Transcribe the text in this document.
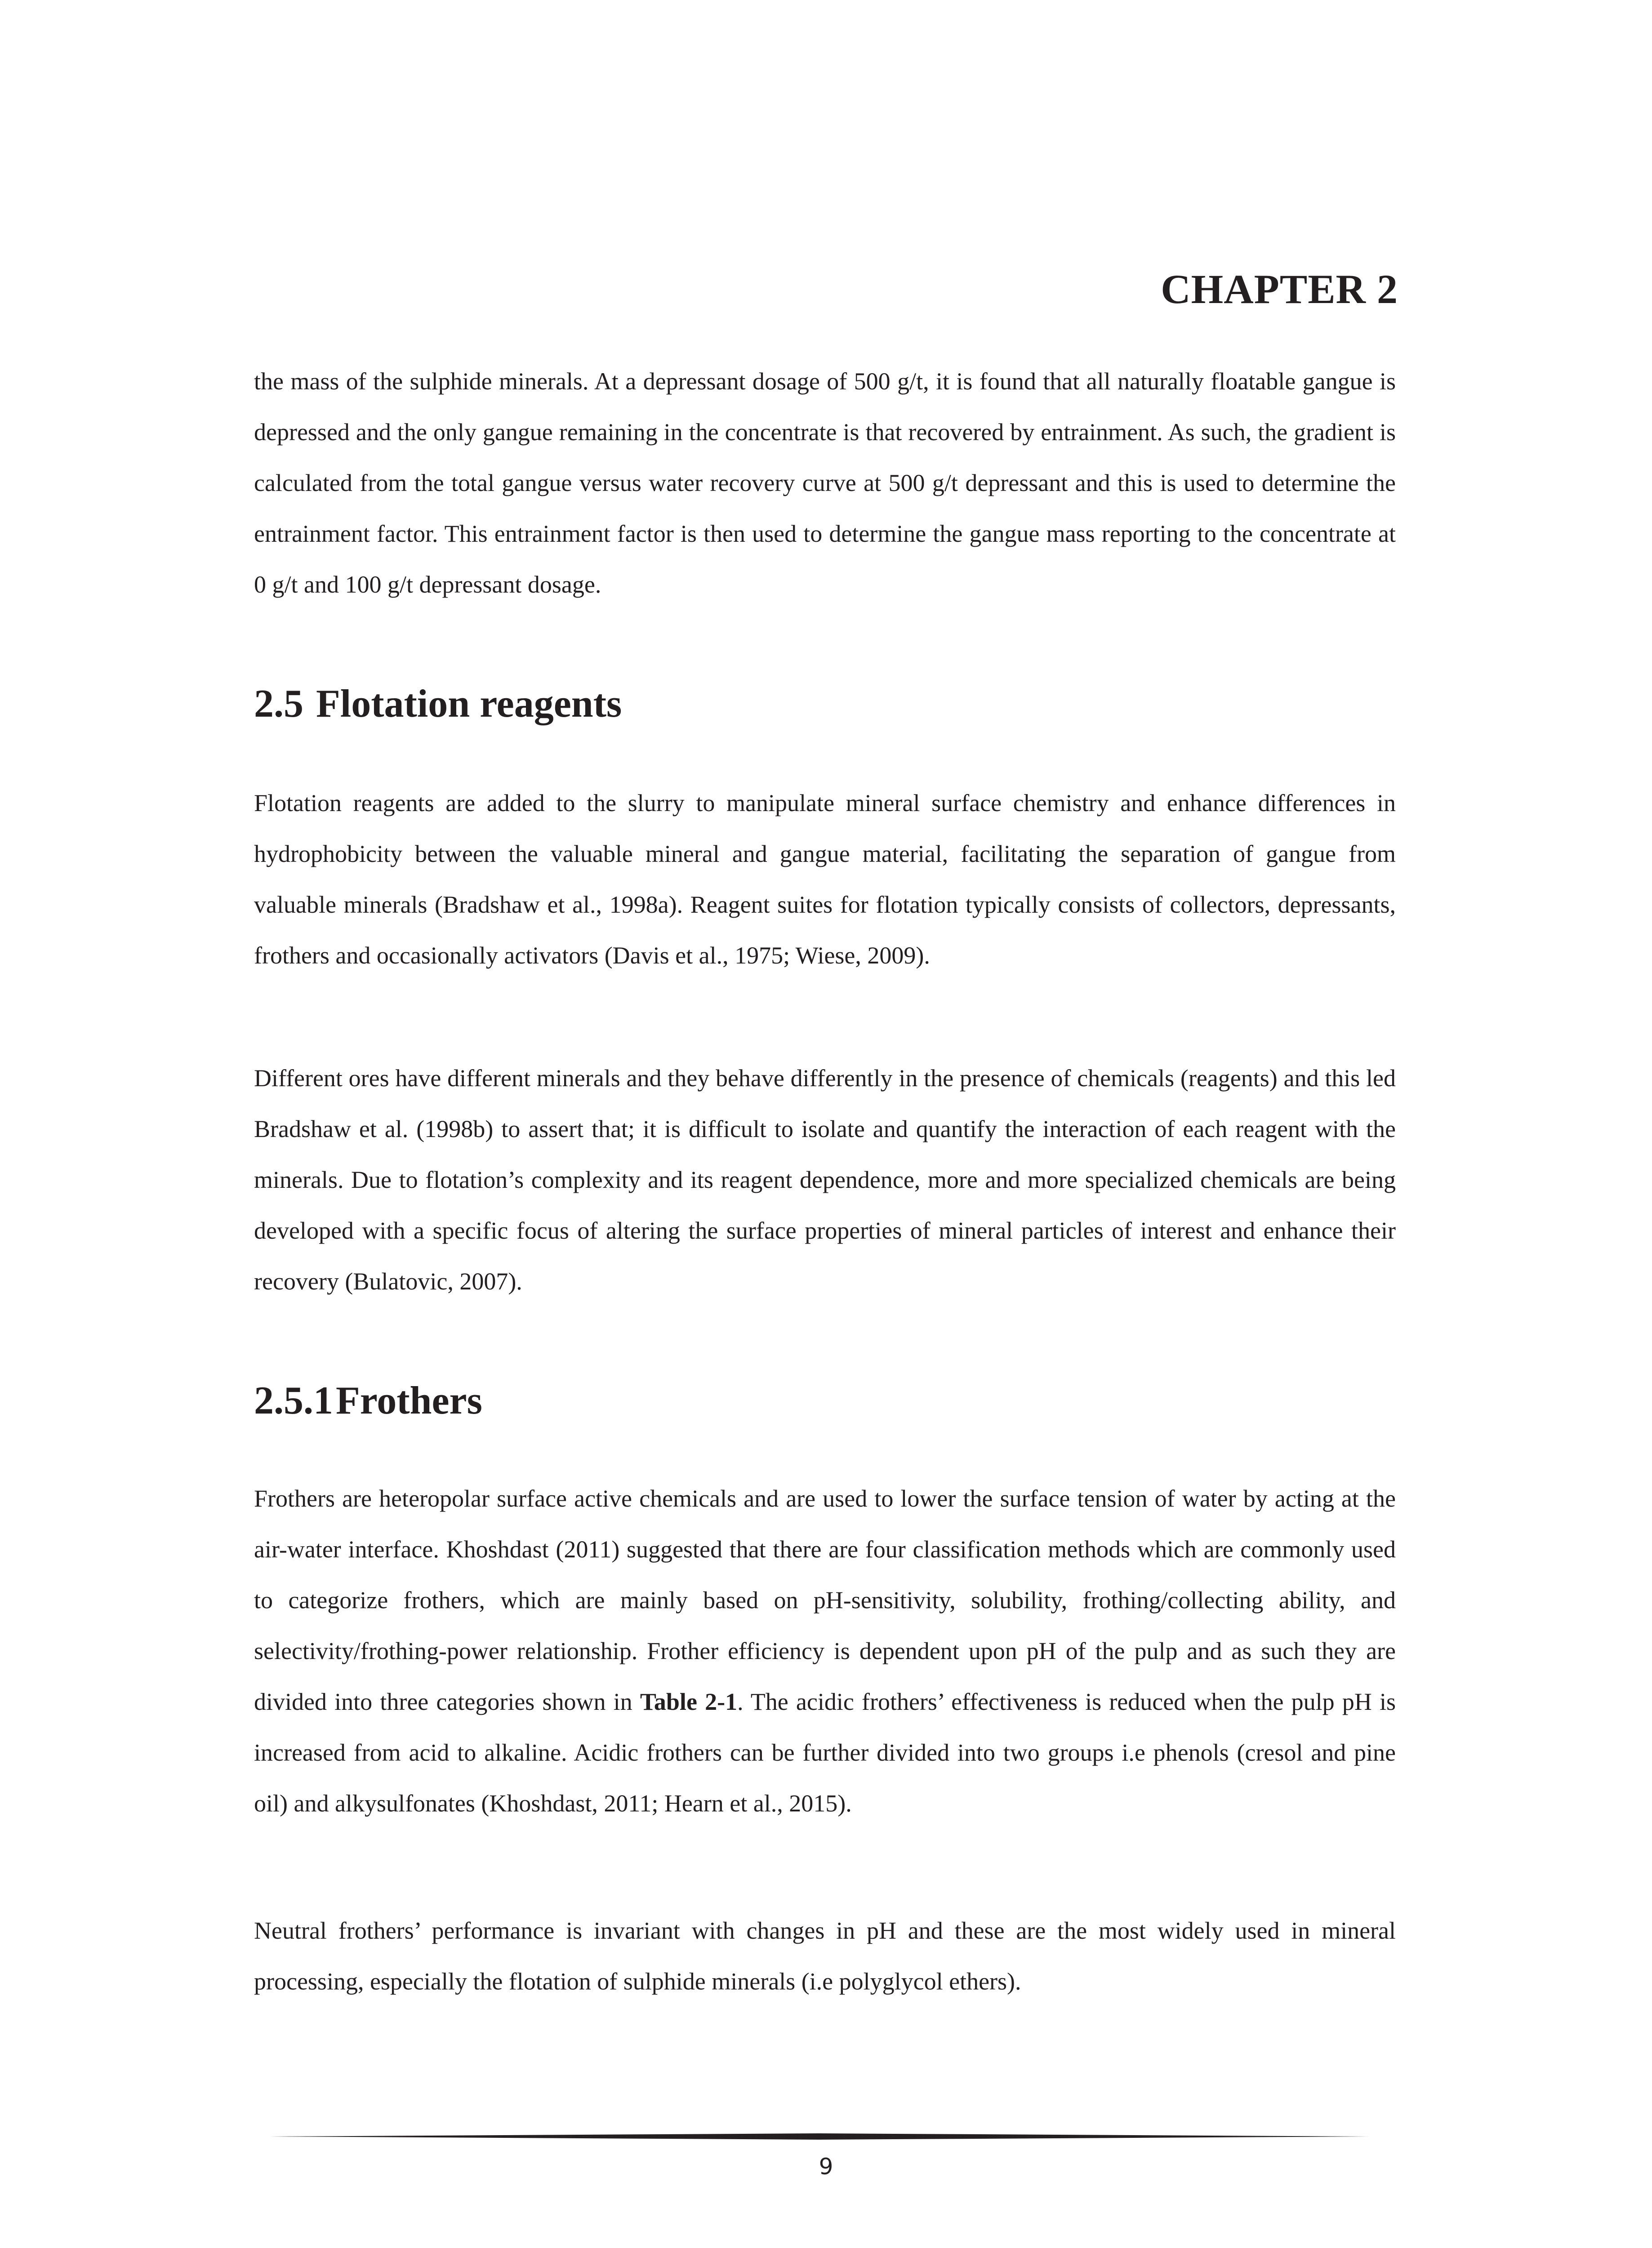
CHAPTER 2

the mass of the sulphide minerals. At a depressant dosage of 500 g/t, it is found that all naturally floatable gangue is depressed and the only gangue remaining in the concentrate is that recovered by entrainment. As such, the gradient is calculated from the total gangue versus water recovery curve at 500 g/t depressant and this is used to determine the entrainment factor. This entrainment factor is then used to determine the gangue mass reporting to the concentrate at 0 g/t and 100 g/t depressant dosage.

2.5 Flotation reagents

Flotation reagents are added to the slurry to manipulate mineral surface chemistry and enhance differences in hydrophobicity between the valuable mineral and gangue material, facilitating the separation of gangue from valuable minerals (Bradshaw et al., 1998a). Reagent suites for flotation typically consists of collectors, depressants, frothers and occasionally activators (Davis et al., 1975; Wiese, 2009).

Different ores have different minerals and they behave differently in the presence of chemicals (reagents) and this led Bradshaw et al. (1998b) to assert that; it is difficult to isolate and quantify the interaction of each reagent with the minerals. Due to flotation’s complexity and its reagent dependence, more and more specialized chemicals are being developed with a specific focus of altering the surface properties of mineral particles of interest and enhance their recovery (Bulatovic, 2007).

2.5.1Frothers

Frothers are heteropolar surface active chemicals and are used to lower the surface tension of water by acting at the air-water interface. Khoshdast (2011) suggested that there are four classification methods which are commonly used to categorize frothers, which are mainly based on pH-sensitivity, solubility, frothing/collecting ability, and selectivity/frothing-power relationship. Frother efficiency is dependent upon pH of the pulp and as such they are divided into three categories shown in Table 2-1. The acidic frothers’ effectiveness is reduced when the pulp pH is increased from acid to alkaline. Acidic frothers can be further divided into two groups i.e phenols (cresol and pine oil) and alkysulfonates (Khoshdast, 2011; Hearn et al., 2015).

Neutral frothers’ performance is invariant with changes in pH and these are the most widely used in mineral processing, especially the flotation of sulphide minerals (i.e polyglycol ethers).

9
